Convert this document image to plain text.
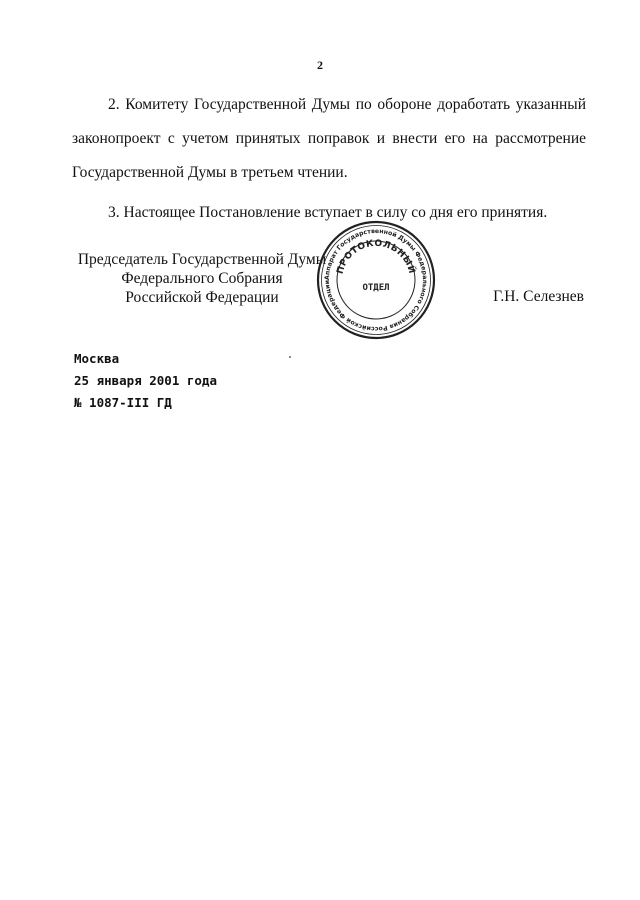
2

2. Комитету Государственной Думы по обороне доработать указанный законопроект с учетом принятых поправок и внести его на рассмотрение Государственной Думы в третьем чтении.

3. Настоящее Постановление вступает в силу со дня его принятия.

Председатель Государственной Думы
Федерального Собрания
Российской Федерации
Аппарат Государственной Думы Федерального Собрания Российской Федерации
ПРОТОКОЛЬНЫЙ
ОТДЕЛ	Г.Н. Селезнев
Москва
25 января 2001 года
№ 1087-III ГД
